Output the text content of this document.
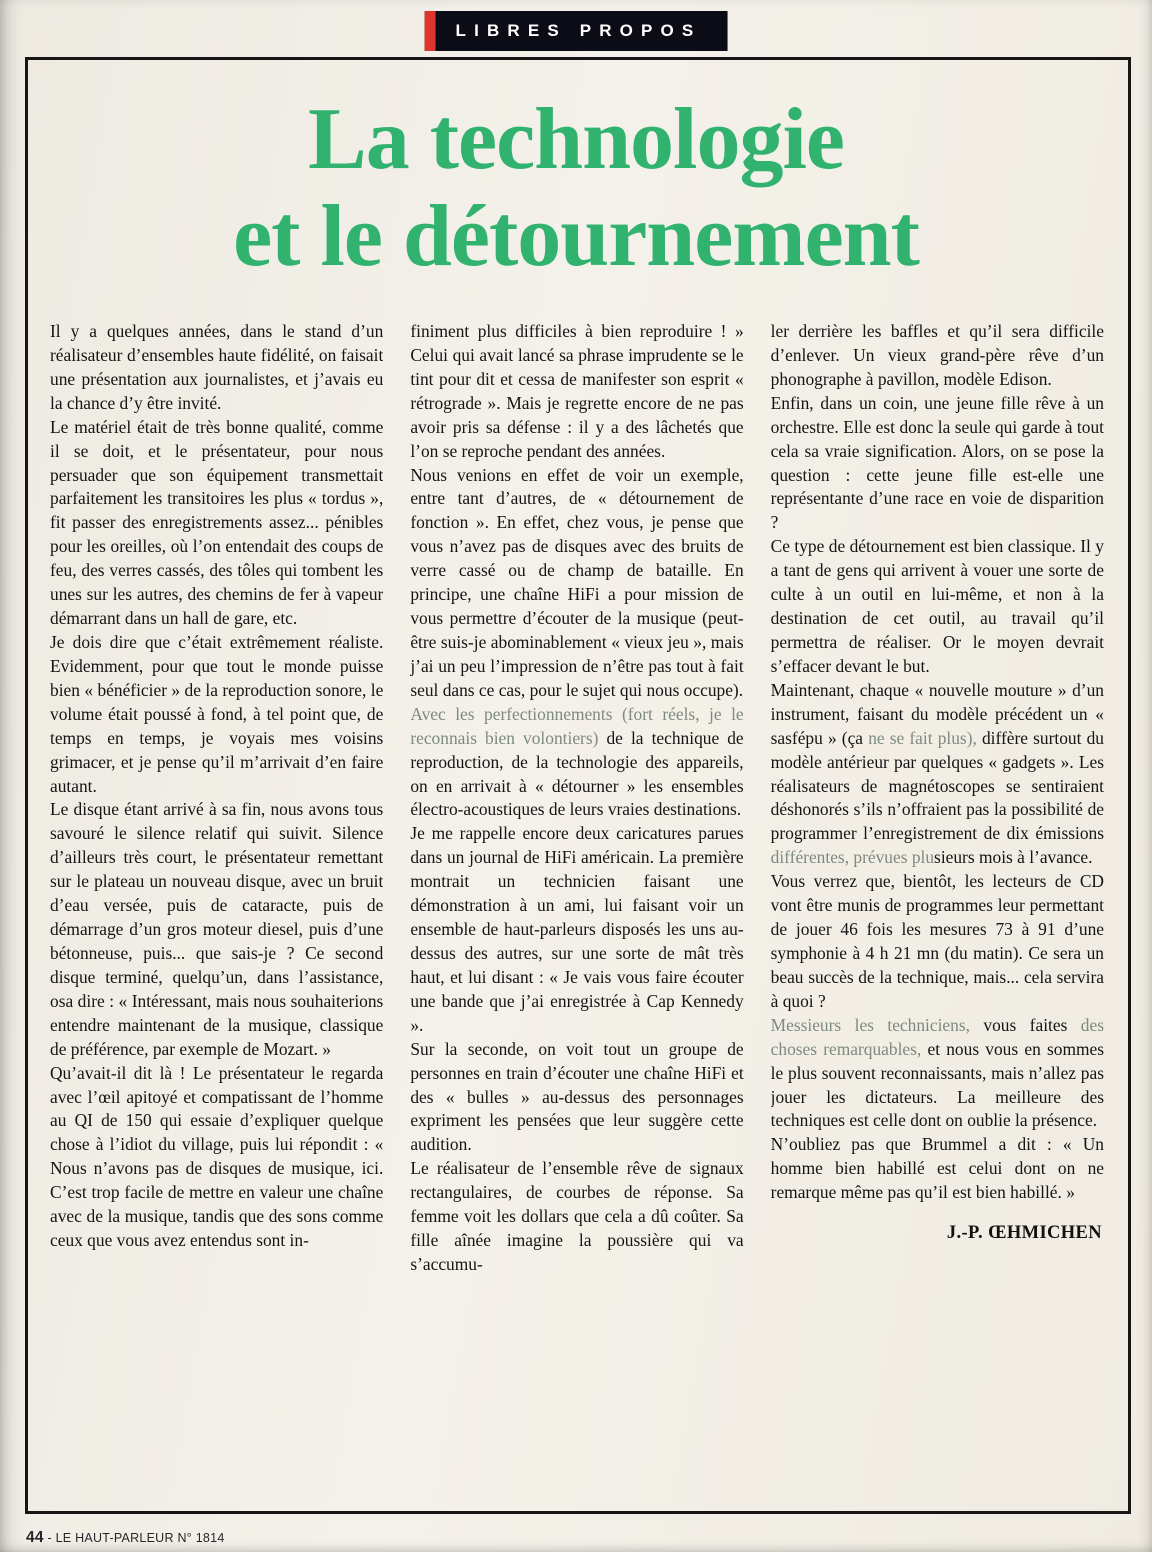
LIBRES PROPOS
La technologie
et le détournement

Il y a quelques années, dans le stand d’un réalisateur d’ensembles haute fidélité, on faisait une présentation aux journalistes, et j’avais eu la chance d’y être invité.

Le matériel était de très bonne qualité, comme il se doit, et le présentateur, pour nous persuader que son équipement transmettait parfaitement les transitoires les plus « tordus », fit passer des enregistrements assez... pénibles pour les oreilles, où l’on entendait des coups de feu, des verres cassés, des tôles qui tombent les unes sur les autres, des chemins de fer à vapeur démarrant dans un hall de gare, etc.

Je dois dire que c’était extrêmement réaliste. Evidemment, pour que tout le monde puisse bien « bénéficier » de la reproduction sonore, le volume était poussé à fond, à tel point que, de temps en temps, je voyais mes voisins grimacer, et je pense qu’il m’arrivait d’en faire autant.

Le disque étant arrivé à sa fin, nous avons tous savouré le silence relatif qui suivit. Silence d’ailleurs très court, le présentateur remettant sur le plateau un nouveau disque, avec un bruit d’eau versée, puis de cataracte, puis de démarrage d’un gros moteur diesel, puis d’une bétonneuse, puis... que sais-je ? Ce second disque terminé, quelqu’un, dans l’assistance, osa dire : « Intéressant, mais nous souhaiterions entendre maintenant de la musique, classique de préférence, par exemple de Mozart. »

Qu’avait-il dit là ! Le présentateur le regarda avec l’œil apitoyé et compatissant de l’homme au QI de 150 qui essaie d’expliquer quelque chose à l’idiot du village, puis lui répondit : « Nous n’avons pas de disques de musique, ici. C’est trop facile de mettre en valeur une chaîne avec de la musique, tandis que des sons comme ceux que vous avez entendus sont in-

finiment plus difficiles à bien reproduire ! » Celui qui avait lancé sa phrase imprudente se le tint pour dit et cessa de manifester son esprit « rétrograde ». Mais je regrette encore de ne pas avoir pris sa défense : il y a des lâchetés que l’on se reproche pendant des années.

Nous venions en effet de voir un exemple, entre tant d’autres, de « détournement de fonction ». En effet, chez vous, je pense que vous n’avez pas de disques avec des bruits de verre cassé ou de champ de bataille. En principe, une chaîne HiFi a pour mission de vous permettre d’écouter de la musique (peut-être suis-je abominablement « vieux jeu », mais j’ai un peu l’impression de n’être pas tout à fait seul dans ce cas, pour le sujet qui nous occupe).

Avec les perfectionnements (fort réels, je le reconnais bien volontiers) de la technique de reproduction, de la technologie des appareils, on en arrivait à « détourner » les ensembles électro-acoustiques de leurs vraies destinations.

Je me rappelle encore deux caricatures parues dans un journal de HiFi américain. La première montrait un technicien faisant une démonstration à un ami, lui faisant voir un ensemble de haut-parleurs disposés les uns au-dessus des autres, sur une sorte de mât très haut, et lui disant : « Je vais vous faire écouter une bande que j’ai enregistrée à Cap Kennedy ».

Sur la seconde, on voit tout un groupe de personnes en train d’écouter une chaîne HiFi et des « bulles » au-dessus des personnages expriment les pensées que leur suggère cette audition.

Le réalisateur de l’ensemble rêve de signaux rectangulaires, de courbes de réponse. Sa femme voit les dollars que cela a dû coûter. Sa fille aînée imagine la poussière qui va s’accumu-

ler derrière les baffles et qu’il sera difficile d’enlever. Un vieux grand-père rêve d’un phonographe à pavillon, modèle Edison.

Enfin, dans un coin, une jeune fille rêve à un orchestre. Elle est donc la seule qui garde à tout cela sa vraie signification. Alors, on se pose la question : cette jeune fille est-elle une représentante d’une race en voie de disparition ?

Ce type de détournement est bien classique. Il y a tant de gens qui arrivent à vouer une sorte de culte à un outil en lui-même, et non à la destination de cet outil, au travail qu’il permettra de réaliser. Or le moyen devrait s’effacer devant le but.

Maintenant, chaque « nouvelle mouture » d’un instrument, faisant du modèle précédent un « sasfépu » (ça ne se fait plus), diffère surtout du modèle antérieur par quelques « gadgets ». Les réalisateurs de magnétoscopes se sentiraient déshonorés s’ils n’offraient pas la possibilité de programmer l’enregistrement de dix émissions différentes, prévues plusieurs mois à l’avance.

Vous verrez que, bientôt, les lecteurs de CD vont être munis de programmes leur permettant de jouer 46 fois les mesures 73 à 91 d’une symphonie à 4 h 21 mn (du matin). Ce sera un beau succès de la technique, mais... cela servira à quoi ?

Messieurs les techniciens, vous faites des choses remarquables, et nous vous en sommes le plus souvent reconnaissants, mais n’allez pas jouer les dictateurs. La meilleure des techniques est celle dont on oublie la présence.

N’oubliez pas que Brummel a dit : « Un homme bien habillé est celui dont on ne remarque même pas qu’il est bien habillé. »

J.-P. ŒHMICHEN
44 - LE HAUT-PARLEUR N° 1814
